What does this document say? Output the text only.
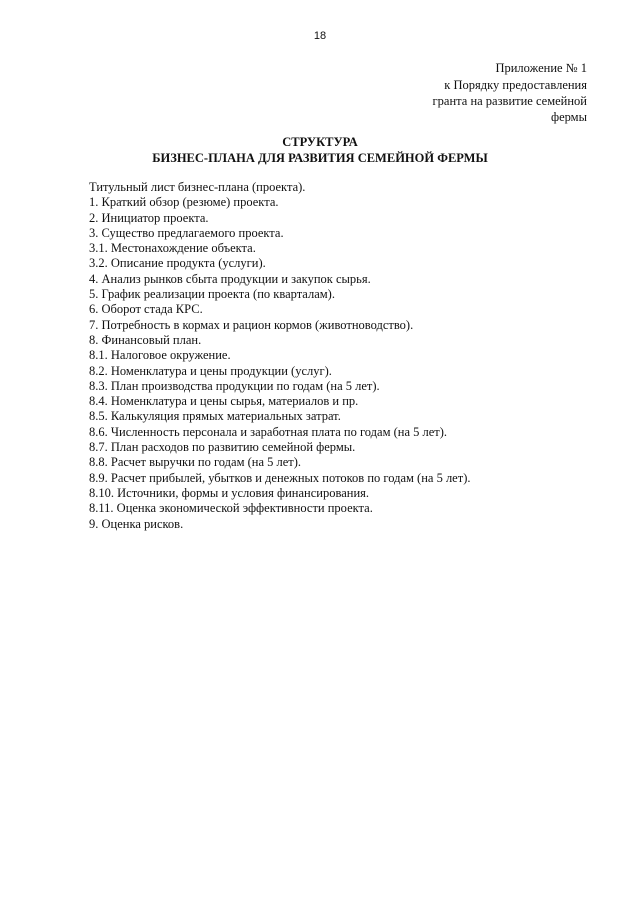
18
Приложение № 1
к Порядку предоставления
гранта на развитие семейной
фермы
СТРУКТУРА
БИЗНЕС-ПЛАНА ДЛЯ РАЗВИТИЯ СЕМЕЙНОЙ ФЕРМЫ
Титульный лист бизнес-плана (проекта).
1. Краткий обзор (резюме) проекта.
2. Инициатор проекта.
3. Существо предлагаемого проекта.
3.1. Местонахождение объекта.
3.2. Описание продукта (услуги).
4. Анализ рынков сбыта продукции и закупок сырья.
5. График реализации проекта (по кварталам).
6. Оборот стада КРС.
7. Потребность в кормах и рацион кормов (животноводство).
8. Финансовый план.
8.1. Налоговое окружение.
8.2. Номенклатура и цены продукции (услуг).
8.3. План производства продукции по годам (на 5 лет).
8.4. Номенклатура и цены сырья, материалов и пр.
8.5. Калькуляция прямых материальных затрат.
8.6. Численность персонала и заработная плата по годам (на 5 лет).
8.7. План расходов по развитию семейной фермы.
8.8. Расчет выручки по годам (на 5 лет).
8.9. Расчет прибылей, убытков и денежных потоков по годам (на 5 лет).
8.10. Источники, формы и условия финансирования.
8.11. Оценка экономической эффективности проекта.
9. Оценка рисков.
